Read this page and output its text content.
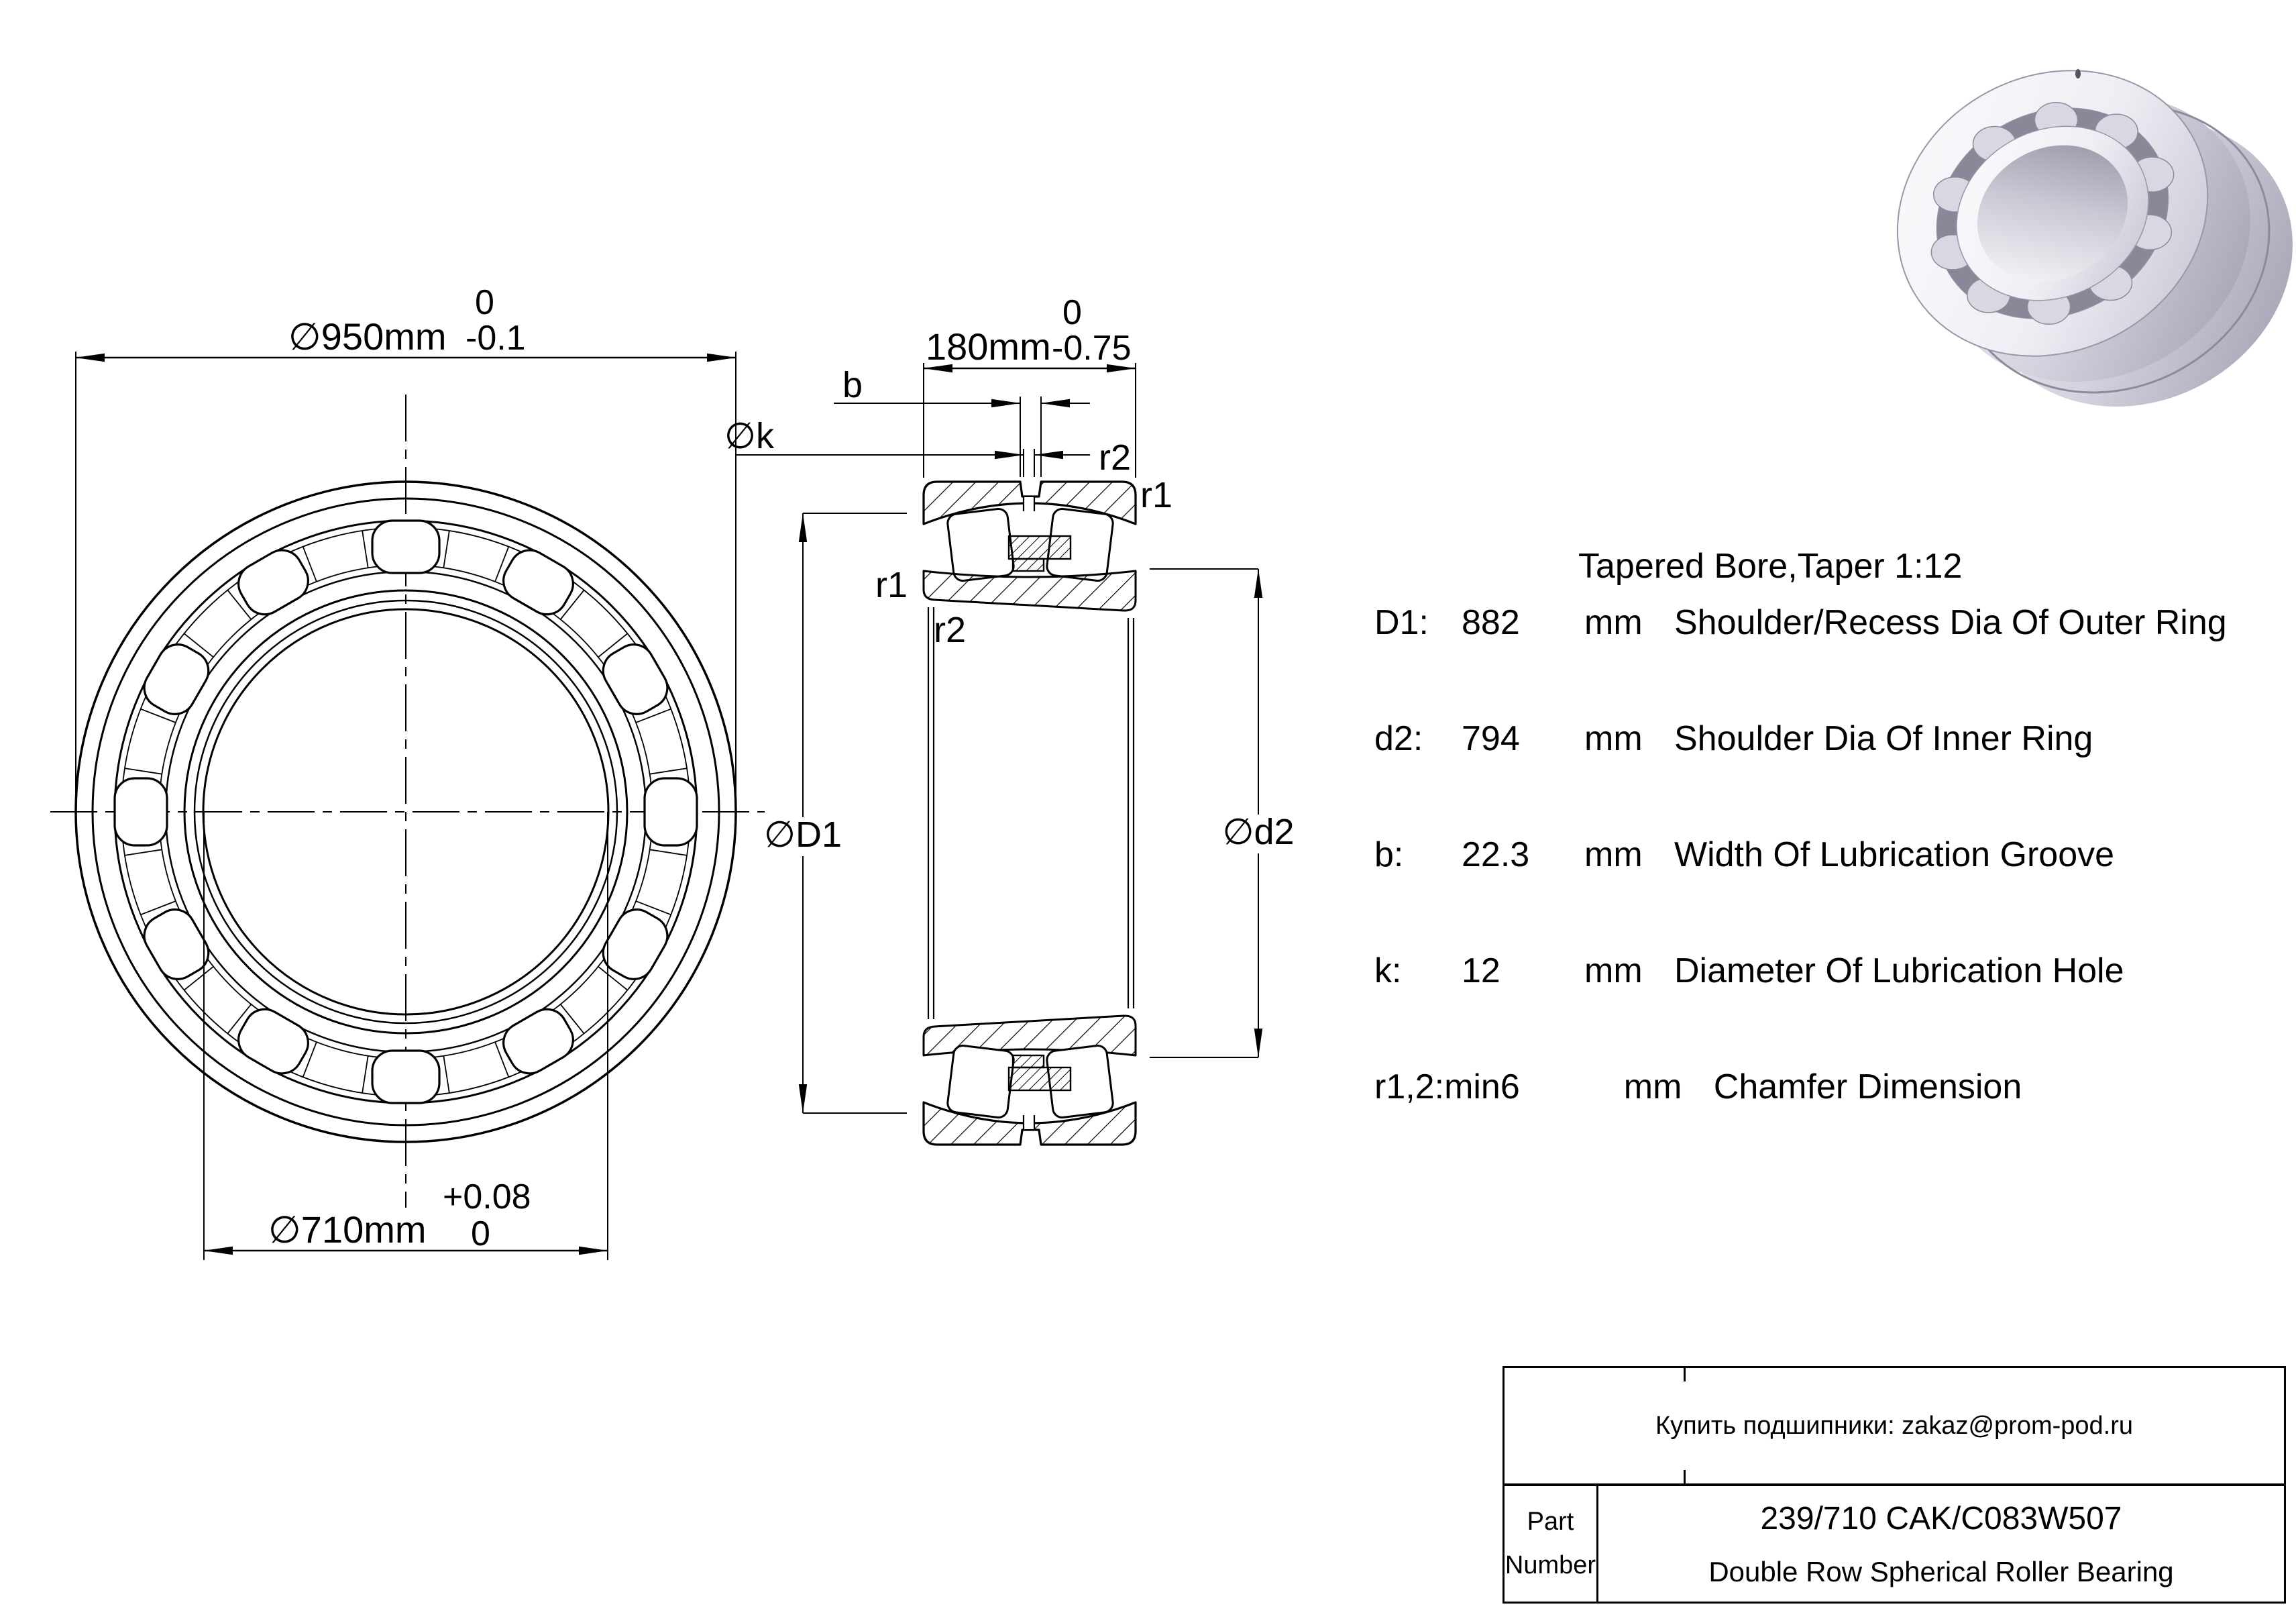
∅950mm
0
-0.1
∅710mm
+0.08
0
180mm
0
-0.75
b
∅k
r2
r1
r1
r2
∅D1	∅d2
Tapered Bore,Taper 1:12
D1: 882 mm Shoulder/Recess Dia Of Outer Ring
d2: 794 mm Shoulder Dia Of Inner Ring
b: 22.3 mm Width Of Lubrication Groove
k: 12 mm Diameter Of Lubrication Hole
r1,2:min6	mm Chamfer Dimension
Купить подшипники: zakaz@prom-pod.ru
Part
Number
239/710 CAK/C083W507
Double Row Spherical Roller Bearing
